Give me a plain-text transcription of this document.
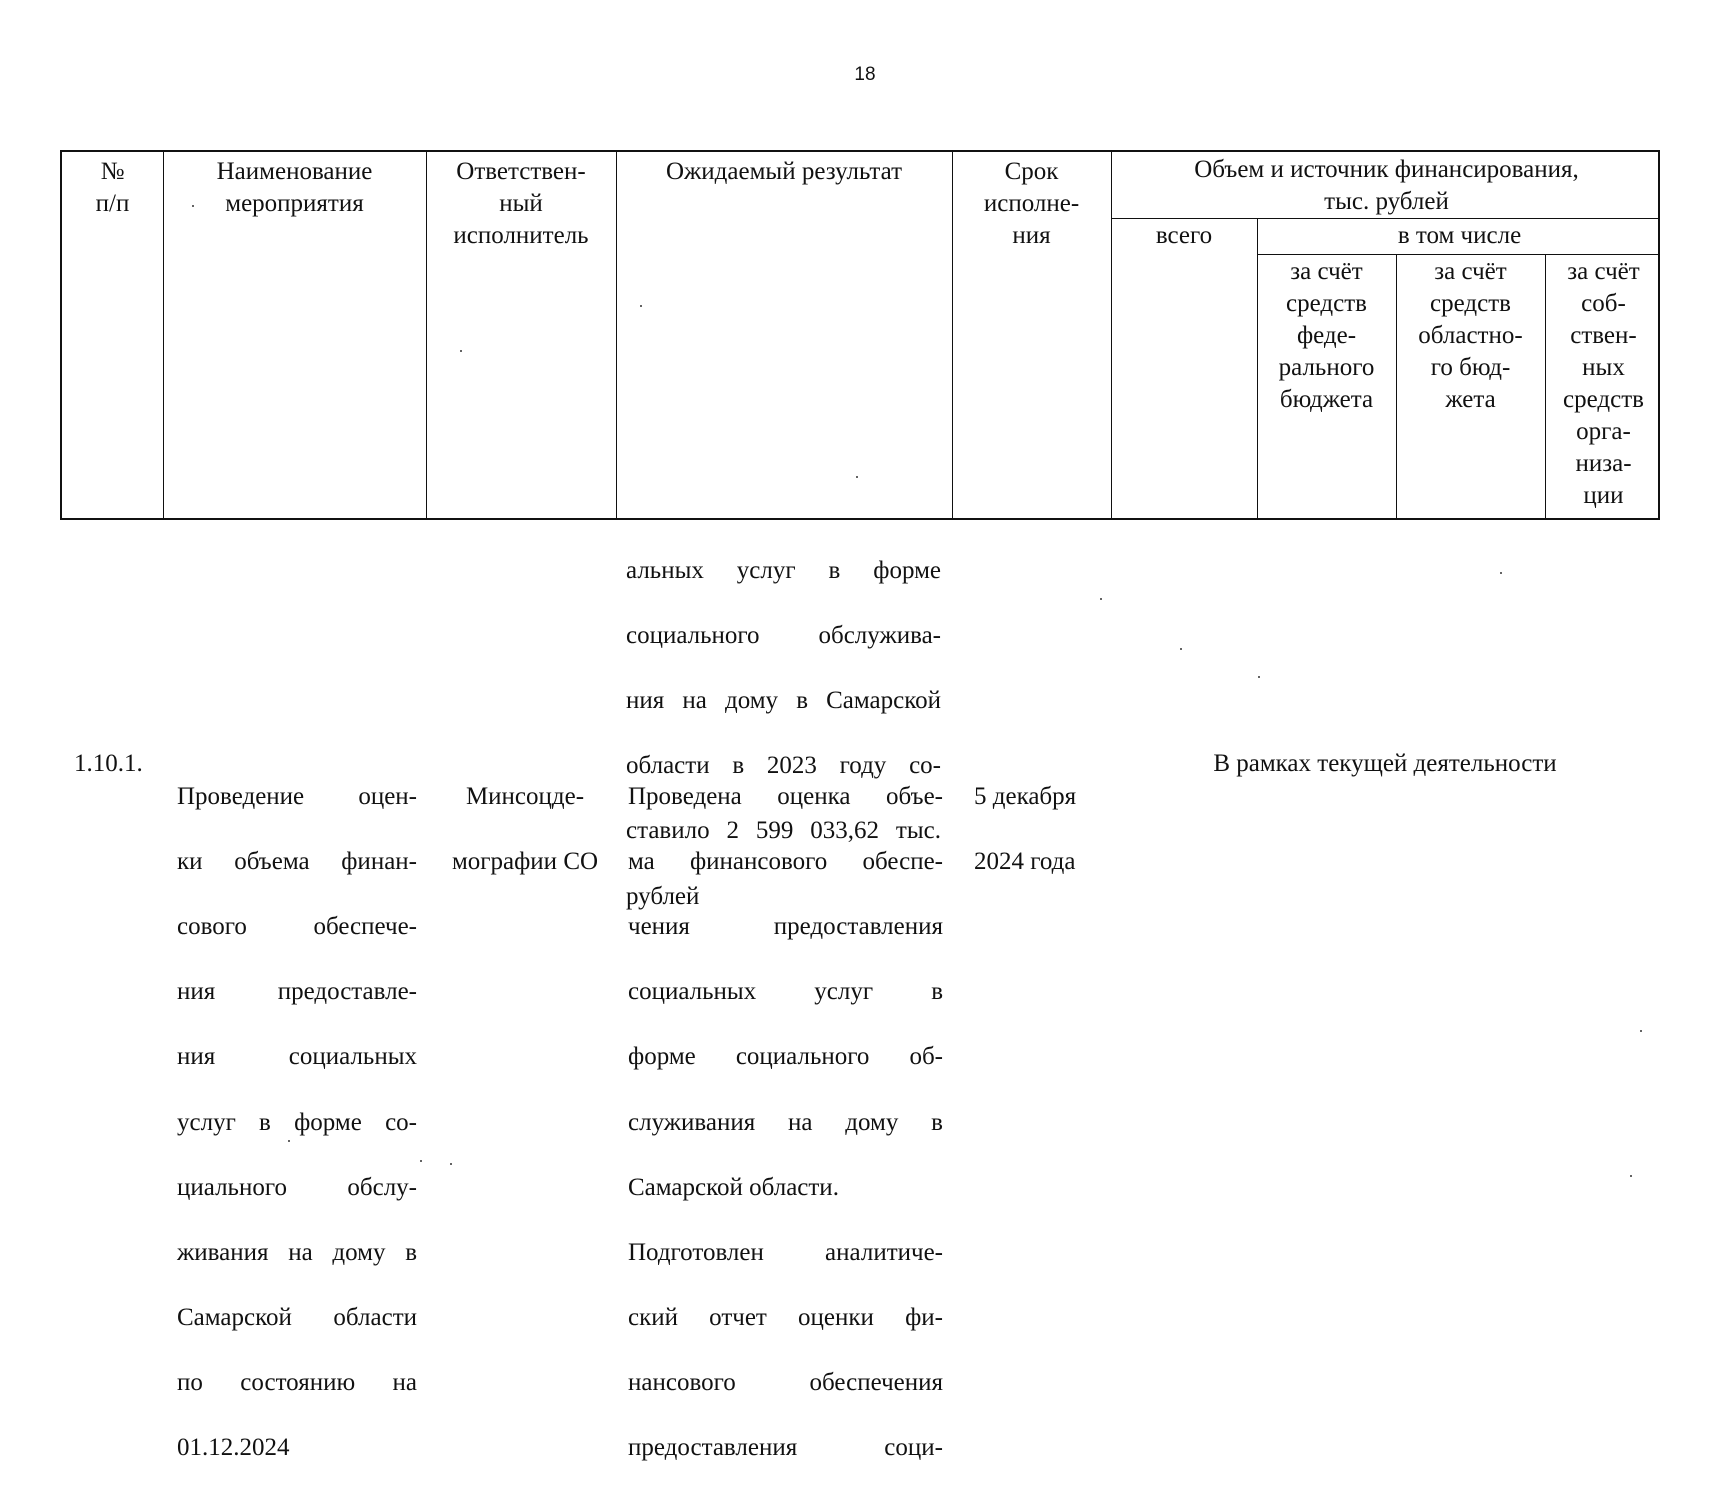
18
№
п/п
Наименование
мероприятия
Ответствен-
ный
исполнитель
Ожидаемый результат	Срок
исполне-
ния
Объем и источник финансирования,
тыс. рублей
всего	в том числе
за счёт
средств
феде-
рального
бюджета
за счёт
средств
областно-
го бюд-
жета
за счёт
соб-
ствен-
ных
средств
орга-
низа-
ции

альных услуг в форме

социального обслужива-

ния на дому в Самарской

области в 2023 году со-

ставило 2 599 033,62 тыс.

рублей

1.10.1.

Проведение оцен-

ки объема финан-

сового обеспече-

ния предоставле-

ния социальных

услуг в форме со-

циального обслу-

живания на дому в

Самарской области

по состоянию на

01.12.2024

Минсоцде-

мографии СО

Проведена оценка объе-

ма финансового обеспе-

чения предоставления

социальных услуг в

форме социального об-

служивания на дому в

Самарской области.

Подготовлен аналитиче-

ский отчет оценки фи-

нансового обеспечения

предоставления соци-

5 декабря

2024 года

В рамках текущей деятельности
